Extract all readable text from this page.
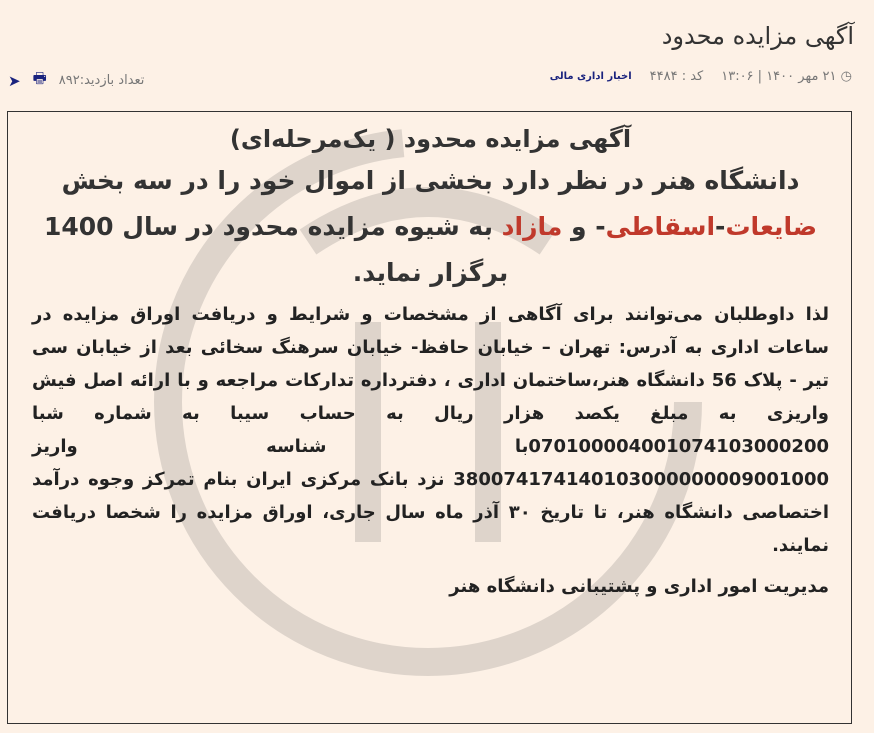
آگهی مزایده محدود
◷ ۲۱ مهر ۱۴۰۰ | ۱۳:۰۶
کد : ۴۴۸۴
اخبار اداری مالی
تعداد بازدید:۸۹۲
🖶
➤
آگهی مزایده محدود ( یک‌مرحله‌ای)
دانشگاه هنر در نظر دارد بخشی از اموال خود را در سه بخش
ضایعات-اسقاطی- و مازاد به شیوه مزایده محدود در سال 1400 برگزار نماید.
لذا داوطلبان می‌توانند برای آگاهی از مشخصات و شرایط و دریافت اوراق مزایده در ساعات اداری به آدرس: تهران – خیابان حافظ- خیابان سرهنگ سخائی بعد از خیابان سی تیر - پلاک 56 دانشگاه هنر،ساختمان اداری ، دفترداره تدارکات مراجعه و با ارائه اصل فیش واریزی به مبلغ یکصد هزار ریال به حساب سیبا به شماره شبا 070100004001074103000200با شناسه واریز 380074174140103000000009001000 نزد بانک مرکزی ایران بنام تمرکز وجوه درآمد اختصاصی دانشگاه هنر، تا تاریخ ۳۰ آذر ماه سال جاری، اوراق مزایده را شخصا دریافت نمایند.
مدیریت امور اداری و پشتیبانی دانشگاه هنر
